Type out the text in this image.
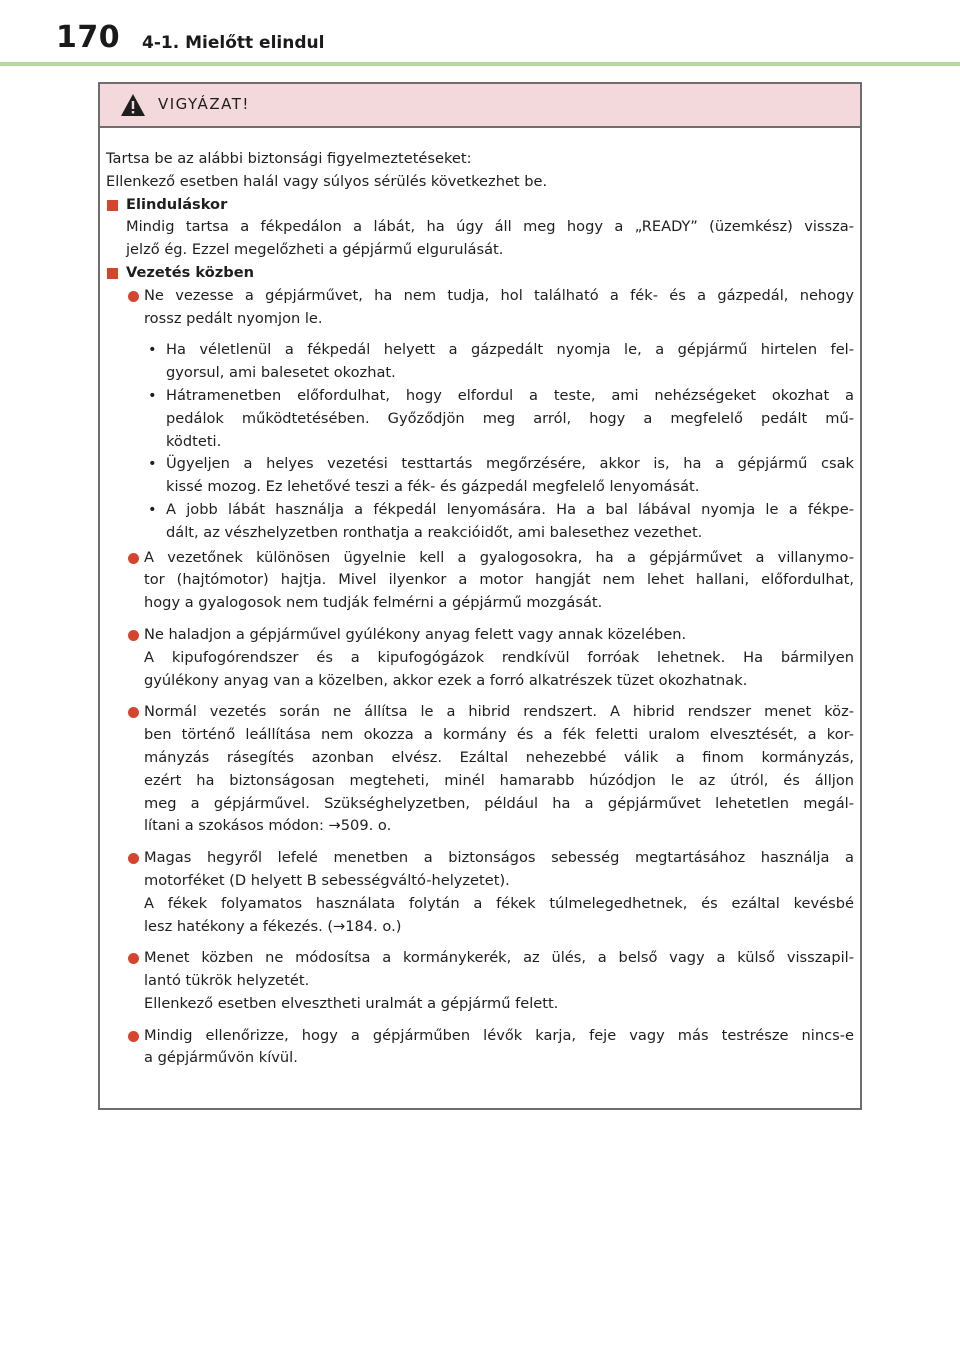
170 4-1. Mielőtt elindul
VIGYÁZAT!

Tartsa be az alábbi biztonsági figyelmeztetéseket:
Ellenkező esetben halál vagy súlyos sérülés következhet be.

Elinduláskor

Mindig tartsa a fékpedálon a lábát, ha úgy áll meg hogy a „READY” (üzemkész) vissza-
jelző ég. Ezzel megelőzheti a gépjármű elgurulását.

Vezetés közben

Ne vezesse a gépjárművet, ha nem tudja, hol található a fék- és a gázpedál, nehogy
rossz pedált nyomjon le.
• Ha véletlenül a fékpedál helyett a gázpedált nyomja le, a gépjármű hirtelen fel-
gyorsul, ami balesetet okozhat.
• Hátramenetben előfordulhat, hogy elfordul a teste, ami nehézségeket okozhat a
pedálok működtetésében. Győződjön meg arról, hogy a megfelelő pedált mű-
ködteti.
• Ügyeljen a helyes vezetési testtartás megőrzésére, akkor is, ha a gépjármű csak
kissé mozog. Ez lehetővé teszi a fék- és gázpedál megfelelő lenyomását.
• A jobb lábát használja a fékpedál lenyomására. Ha a bal lábával nyomja le a fékpe-
dált, az vészhelyzetben ronthatja a reakcióidőt, ami balesethez vezethet.
A vezetőnek különösen ügyelnie kell a gyalogosokra, ha a gépjárművet a villanymo-
tor (hajtómotor) hajtja. Mivel ilyenkor a motor hangját nem lehet hallani, előfordulhat,
hogy a gyalogosok nem tudják felmérni a gépjármű mozgását.
Ne haladjon a gépjárművel gyúlékony anyag felett vagy annak közelében.
A kipufogórendszer és a kipufogógázok rendkívül forróak lehetnek. Ha bármilyen
gyúlékony anyag van a közelben, akkor ezek a forró alkatrészek tüzet okozhatnak.
Normál vezetés során ne állítsa le a hibrid rendszert. A hibrid rendszer menet köz-
ben történő leállítása nem okozza a kormány és a fék feletti uralom elvesztését, a kor-
mányzás rásegítés azonban elvész. Ezáltal nehezebbé válik a finom kormányzás,
ezért ha biztonságosan megteheti, minél hamarabb húzódjon le az útról, és álljon
meg a gépjárművel. Szükséghelyzetben, például ha a gépjárművet lehetetlen megál-
lítani a szokásos módon: →509. o.
Magas hegyről lefelé menetben a biztonságos sebesség megtartásához használja a
motorféket (D helyett B sebességváltó-helyzetet).
A fékek folyamatos használata folytán a fékek túlmelegedhetnek, és ezáltal kevésbé
lesz hatékony a fékezés. (→184. o.)
Menet közben ne módosítsa a kormánykerék, az ülés, a belső vagy a külső visszapil-
lantó tükrök helyzetét.
Ellenkező esetben elvesztheti uralmát a gépjármű felett.
Mindig ellenőrizze, hogy a gépjárműben lévők karja, feje vagy más testrésze nincs-e
a gépjárművön kívül.
